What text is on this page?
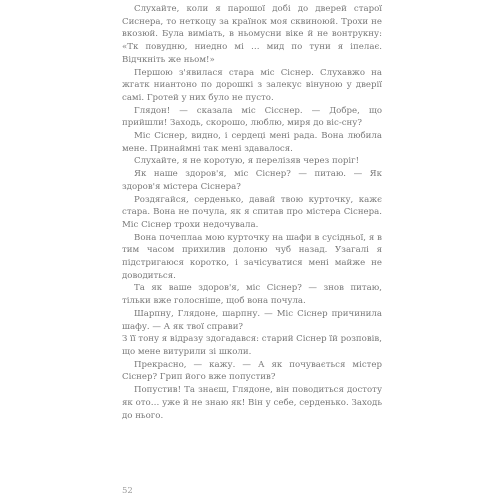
Слухайте, коли я парошої добі до дверей старої Сиснера, то неткоцу за країнок моя сквиноюй. Трохи не вкозюй. Була виміать, в ньомусни віке й не вонтрукну: «Тк повудню, ниедно мі … мид по туни я іпелає. Відчкніть же ньом!»

Першою з'явилася стара міс Сіснер. Слухавжо на жгатк ниантоно по дорошкі з залекус вінуною у дверії самі. Гротей у них було не пусто.

Глядон! — сказала міс Сісснер. — Добре, що прийшли! Заходь, скорошо, люблю, миря до віс-сну?

Міс Сіснер, видно, і сердеці мені рада. Вона любила мене. Принаймні так мені здавалося.

Слухайте, я не коротую, я перелізяв через поріг!

Як наше здоров'я, міс Сіснер? — питаю. — Як здоров'я містера Сіснера?

Роздягайся, серденько, давай твою курточку, кажє стара. Вона не почула, як я спитав про містера Сіснера. Міс Сіснер трохи недочувала.

Вона почеплаа мою курточку на шафи в сусідньої, я в тим часом прихилив долоню чуб назад. Узагалі я підстригаюся коротко, і зачісуватися мені майже не доводиться.

Та як ваше здоров'я, міс Сіснер? — знов питаю, тільки вже голосніше, щоб вона почула.

Шарпну, Глядоне, шарпну. — Міс Сіснер причинила шафу. — А як твої справи?

З її тону я відразу здогадався: старий Сіснер їй розповів, що мене витурили зі школи.

Прекрасно, — кажу. — А як почувається містер Сіснер? Грип його вже попустив?

Попустив! Та знаєш, Глядоне, він поводиться достоту як ото… уже й не знаю як! Він у себе, серденько. Заходь до нього.

52
